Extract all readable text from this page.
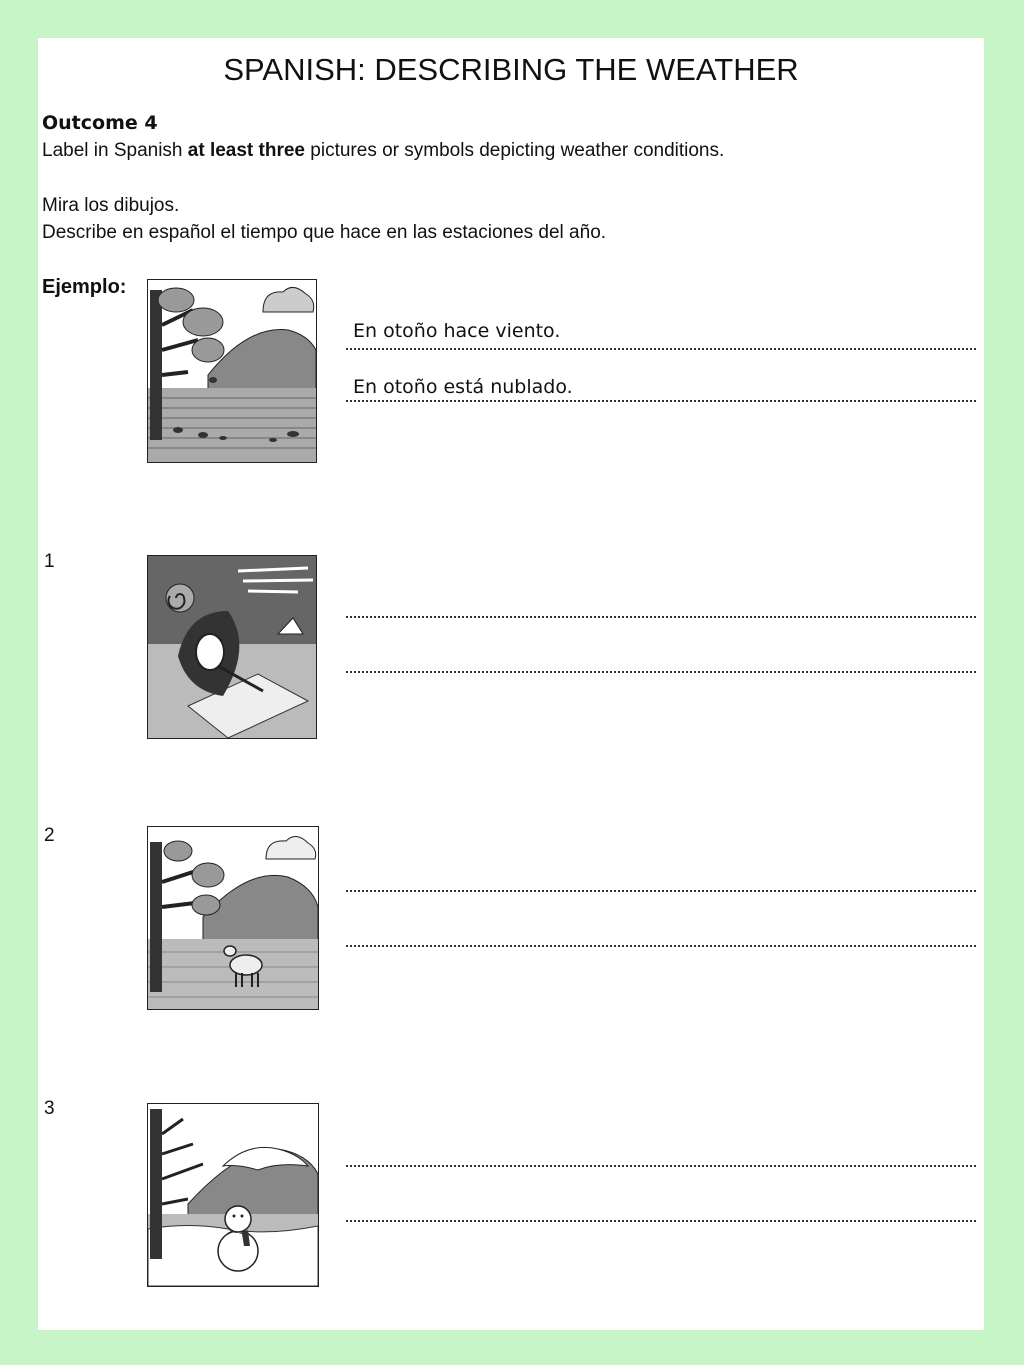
SPANISH: DESCRIBING THE WEATHER
Outcome 4
Label in Spanish at least three pictures or symbols depicting weather conditions.
Mira los dibujos.
Describe en español el tiempo que hace en las estaciones del año.
Ejemplo:
En otoño hace viento.
En otoño está nublado.
1
2
3
